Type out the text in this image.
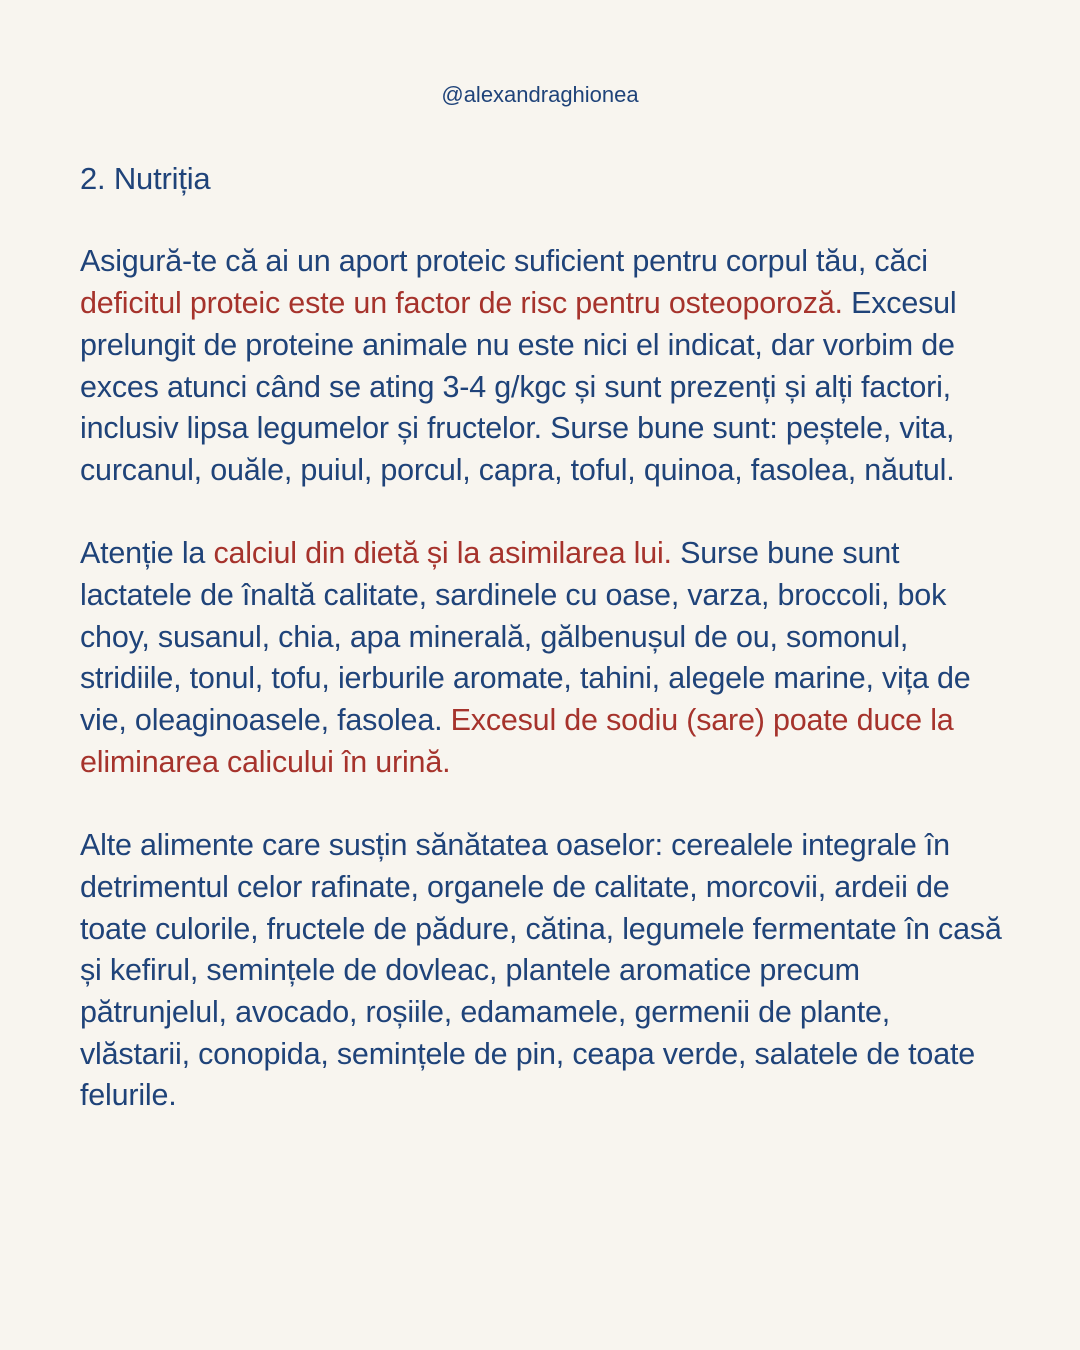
@alexandraghionea
2. Nutriția

Asigură-te că ai un aport proteic suficient pentru corpul tău, căci deficitul proteic este un factor de risc pentru osteoporoză. Excesul prelungit de proteine animale nu este nici el indicat, dar vorbim de exces atunci când se ating 3-4 g/kgc și sunt prezenți și alți factori, inclusiv lipsa legumelor și fructelor. Surse bune sunt: peștele, vita, curcanul, ouăle, puiul, porcul, capra, toful, quinoa, fasolea, năutul.

Atenție la calciul din dietă și la asimilarea lui. Surse bune sunt lactatele de înaltă calitate, sardinele cu oase, varza, broccoli, bok choy, susanul, chia, apa minerală, gălbenușul de ou, somonul, stridiile, tonul, tofu, ierburile aromate, tahini, alegele marine, vița de vie, oleaginoasele, fasolea. Excesul de sodiu (sare) poate duce la eliminarea calicului în urină.

Alte alimente care susțin sănătatea oaselor: cerealele integrale în detrimentul celor rafinate, organele de calitate, morcovii, ardeii de toate culorile, fructele de pădure, cătina, legumele fermentate în casă și kefirul, semințele de dovleac, plantele aromatice precum pătrunjelul, avocado, roșiile, edamamele, germenii de plante, vlăstarii, conopida, semințele de pin, ceapa verde, salatele de toate felurile.
